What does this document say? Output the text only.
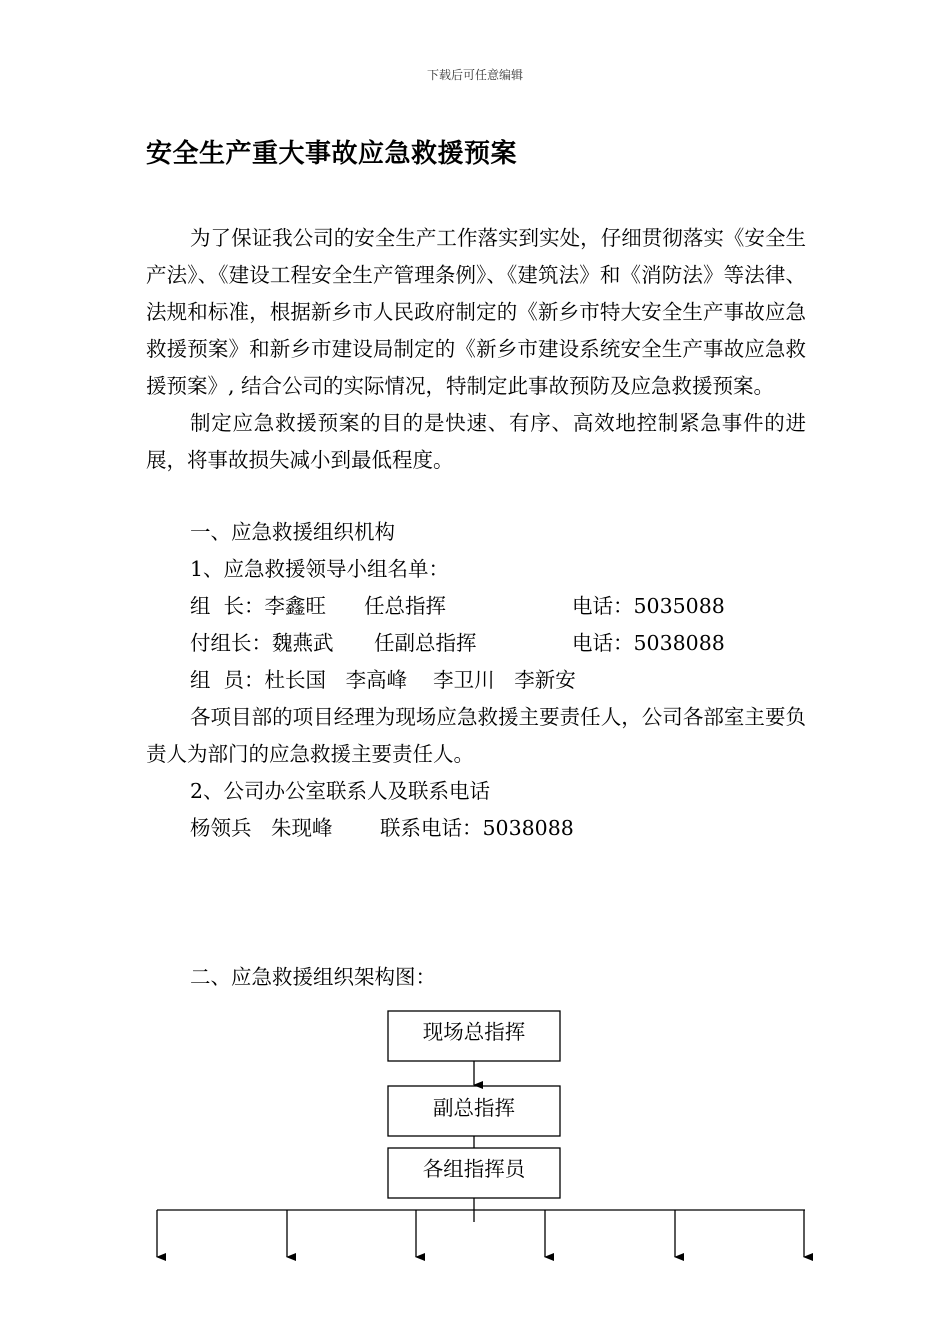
下载后可任意编辑
安全生产重大事故应急救援预案

为了保证我公司的安全生产工作落实到实处，仔细贯彻落实《安全生产法》、《建设工程安全生产管理条例》、《建筑法》和《消防法》等法律、法规和标准，根据新乡市人民政府制定的《新乡市特大安全生产事故应急救援预案》和新乡市建设局制定的《新乡市建设系统安全生产事故应急救援预案》, 结合公司的实际情况，特制定此事故预防及应急救援预案。

制定应急救援预案的目的是快速、有序、高效地控制紧急事件的进展，将事故损失减小到最低程度。

一、应急救援组织机构
1、应急救援领导小组名单：
组  长：李鑫旺 任总指挥	电话：5035088
付组长：魏燕武 任副总指挥	电话：5038088
组  员：杜长国   李高峰    李卫川   李新安

各项目部的项目经理为现场应急救援主要责任人，公司各部室主要负责人为部门的应急救援主要责任人。

2、公司办公室联系人及联系电话
杨领兵   朱现峰 联系电话：5038088
二、应急救援组织架构图：
现场总指挥
副总指挥
各组指挥员
